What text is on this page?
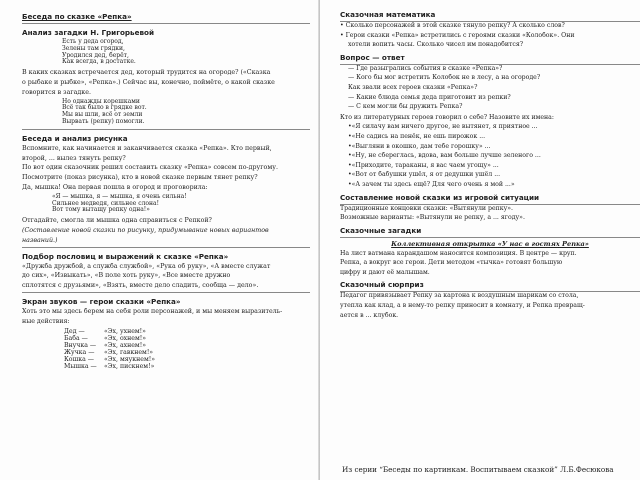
Беседа по сказке «Репка»
Анализ загадки Н. Григорьевой
Есть у деда огород,
Зелены там грядки,
Уродился дед, берёт,
Как всегда, в достатке.
В каких сказках встречается дед, который трудится на огороде? («Сказка
о рыбаке и рыбке», «Репка».) Сейчас вы, конечно, поймёте, о какой сказке
говорится в загадке.
Но однажды корешками
Всё так было в грядке вот.
Мы вы шли, всё от земли
Вырвать (репку) помогли.
Беседа и анализ рисунка
Вспомните, как начинается и заканчивается сказка «Репка». Кто первый,
второй, ... вылез тянуть репку?
По вот один сказочник решил составить сказку «Репка» совсем по-другому.
Посмотрите (показ рисунка), кто в новой сказке первым тянет репку?
Да, мышка! Она первая пошла в огород и проговорила:
«Я — мышка, я — мышка, я очень сильна!
Сильнее медведя, сильнее слона!
Вот тому вытащу репку одна!»
Отгадайте, смогла ли мышка одна справиться с Репкой?
(Составление новой сказки по рисунку, придумывание новых вариантов
названий.)
Подбор пословиц и выражений к сказке «Репка»
«Дружба дружбой, а служба службой», «Рука об руку», «А вместе служат
до сих», «Извыкать», «В поле хоть руку», «Все вместе дружно
сплотятся с друзьями», «Взять, вместе дело сладить, сообща — дело».
Экран звуков — герои сказки «Репка»
Хоть это мы здесь берем на себя роли персонажей, и мы меняем выразитель-
ные действия:
Дед —	«Эх, ухнем!»
Баба —	«Эх, охнем!»
Внучка —	«Эх, ахнем!»
Жучка —	«Эх, гавкнем!»
Кошка —	«Эх, мяукнем!»
Мышка —	«Эх, пискнем!»
Сказочная математика
• Сколько персонажей в этой сказке тянуло репку? А сколько слов?
• Герои сказки «Репка» встретились с героями сказки «Колобок». Они
хотели вопить часы. Сколько чисел им понадобится?
Вопрос — ответ
— Где разыгрались события в сказке «Репка»?
— Кого бы мог встретить Колобок не в лесу, а на огороде?
Как звали всех героев сказки «Репка»?
— Какие блюда семья деда приготовит из репки?
— С кем могли бы дружить Репка?
Кто из литературных героев говорил о себе? Назовите их имена:
•«Я силачу вам ничего другое, не вытянет, я приятное ...
•«Не садись на пенёк, не ешь пирожок ...
•«Выгляни в окошко, дам тебе горошку» ...
•«Ну, не сбереглась, вдова, вам больше лучше зеленого ...
•«Приходите, тараканы, я вас чаем угощу» ...
•«Вот от бабушки ушёл, я от дедушки ушёл ...
•«А зачем ты здесь ещё? Для чего очень я мой ...»
Составление новой сказки из игровой ситуации
Традиционные концовки сказки: «Вытянули репку».
Возможные варианты: «Вытянули не репку, а ... ягоду».
Сказочные загадки
Коллективная открытка «У нас в гостях Репка»
На лист ватмана карандашом наносится композиция. В центре — круп.
Репка, а вокруг все герои. Дети методом «тычка» готовят большую
цифру и дают её малышам.
Сказочный сюрприз
Педагог привязывает Репку за картона к воздушным шарикам со стола,
утепла как клад, а в нему-то репку приносит в комнату, и Репка превращ-
ается в ... клубок.
Из серии “Беседы по картинкам. Воспитываем сказкой” Л.Б.Фесюкова
